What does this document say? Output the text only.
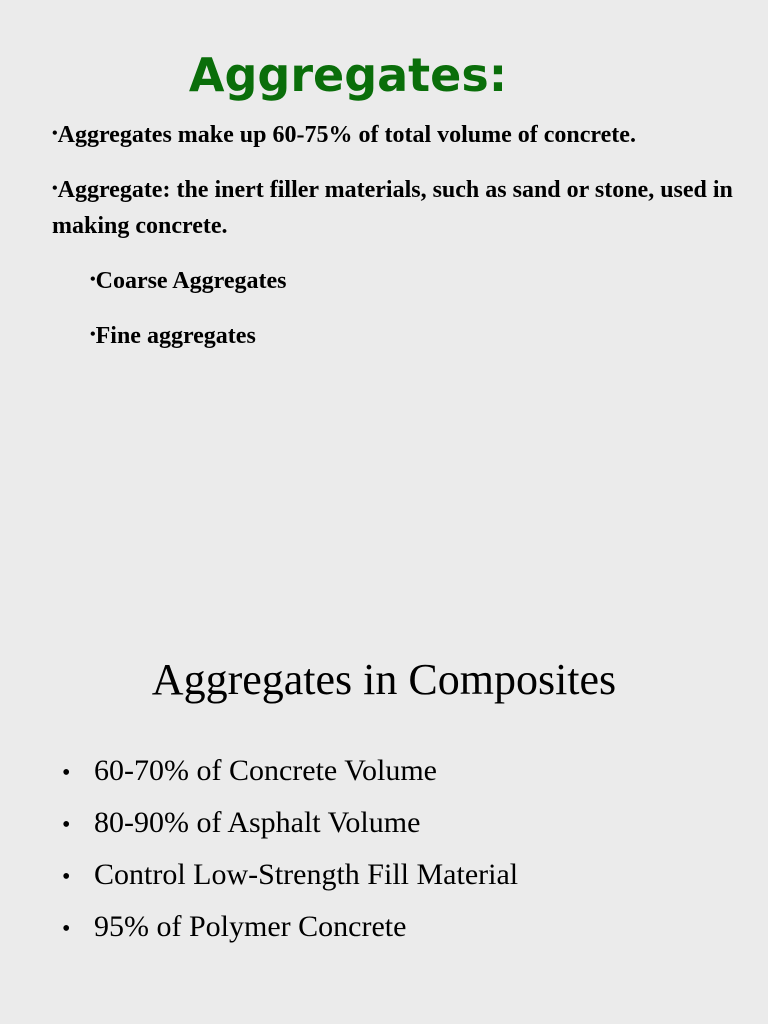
Aggregates:
•Aggregates make up 60-75% of total volume of concrete.
•Aggregate: the inert filler materials, such as sand or stone, used in making concrete.
•Coarse Aggregates
•Fine aggregates
Aggregates in Composites
• 60-70% of Concrete Volume
• 80-90% of Asphalt Volume
• Control Low-Strength Fill Material
• 95% of Polymer Concrete
